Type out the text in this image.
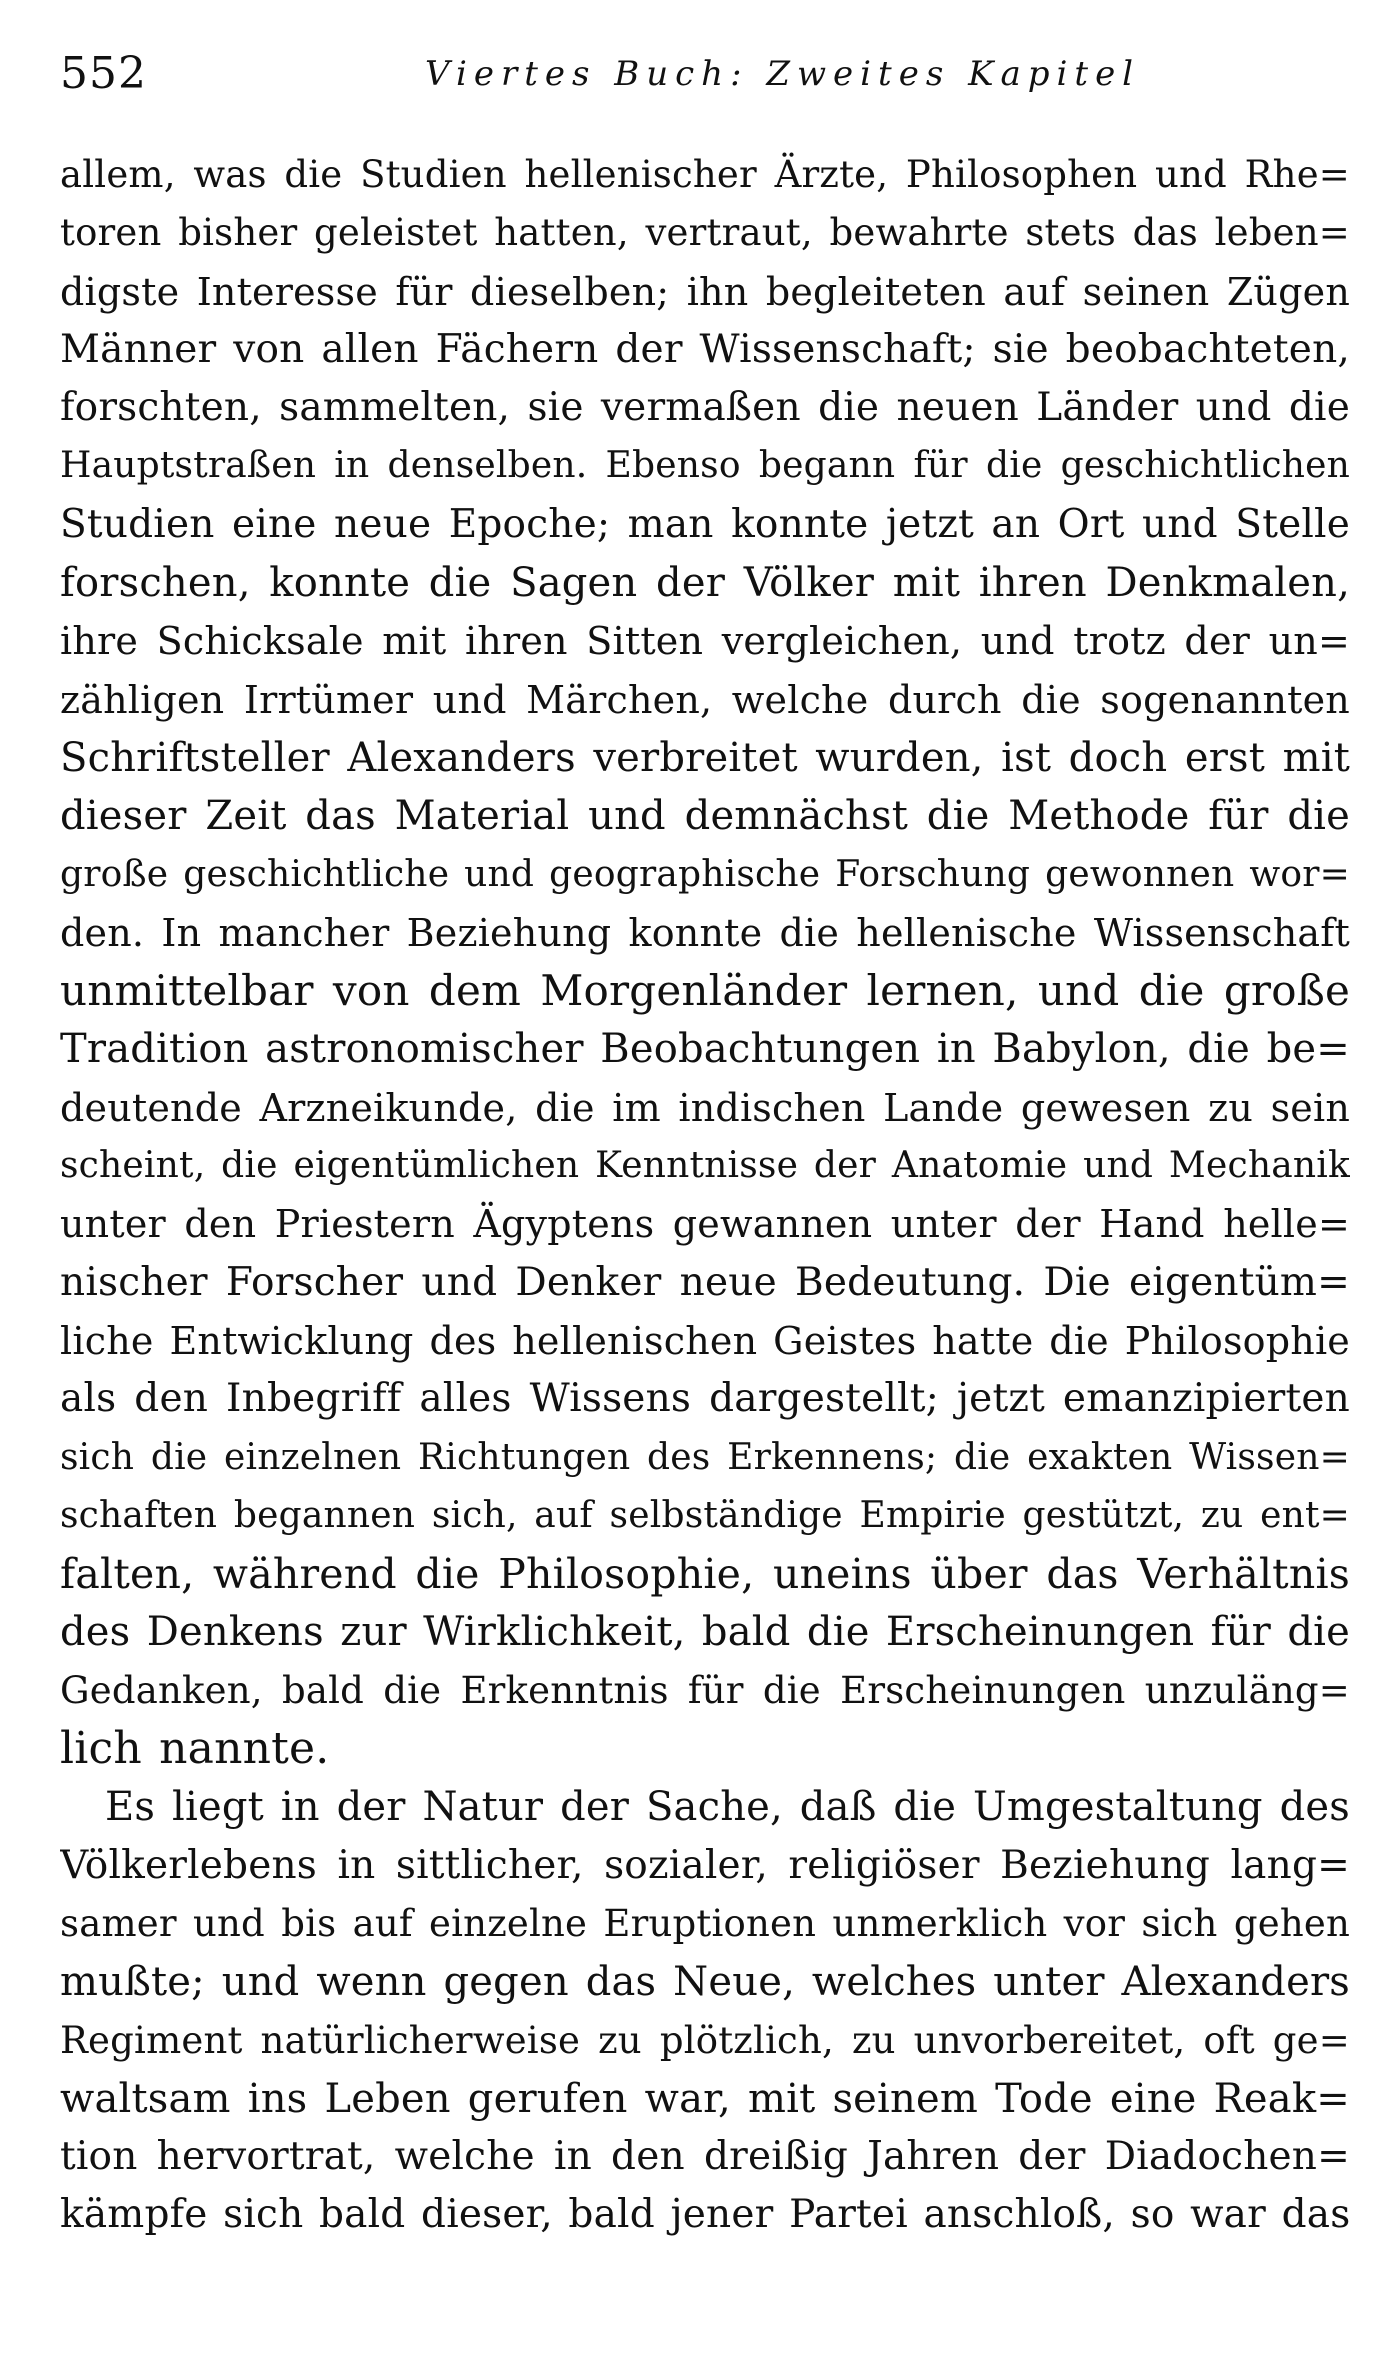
552	Viertes Buch: Zweites Kapitel
allem, was die Studien hellenischer Ärzte, Philosophen und Rhe=
toren bisher geleistet hatten, vertraut, bewahrte stets das leben=
digste Interesse für dieselben; ihn begleiteten auf seinen Zügen
Männer von allen Fächern der Wissenschaft; sie beobachteten,
forschten, sammelten, sie vermaßen die neuen Länder und die
Hauptstraßen in denselben. Ebenso begann für die geschichtlichen
Studien eine neue Epoche; man konnte jetzt an Ort und Stelle
forschen, konnte die Sagen der Völker mit ihren Denkmalen,
ihre Schicksale mit ihren Sitten vergleichen, und trotz der un=
zähligen Irrtümer und Märchen, welche durch die sogenannten
Schriftsteller Alexanders verbreitet wurden, ist doch erst mit
dieser Zeit das Material und demnächst die Methode für die
große geschichtliche und geographische Forschung gewonnen wor=
den. In mancher Beziehung konnte die hellenische Wissenschaft
unmittelbar von dem Morgenländer lernen, und die große
Tradition astronomischer Beobachtungen in Babylon, die be=
deutende Arzneikunde, die im indischen Lande gewesen zu sein
scheint, die eigentümlichen Kenntnisse der Anatomie und Mechanik
unter den Priestern Ägyptens gewannen unter der Hand helle=
nischer Forscher und Denker neue Bedeutung. Die eigentüm=
liche Entwicklung des hellenischen Geistes hatte die Philosophie
als den Inbegriff alles Wissens dargestellt; jetzt emanzipierten
sich die einzelnen Richtungen des Erkennens; die exakten Wissen=
schaften begannen sich, auf selbständige Empirie gestützt, zu ent=
falten, während die Philosophie, uneins über das Verhältnis
des Denkens zur Wirklichkeit, bald die Erscheinungen für die
Gedanken, bald die Erkenntnis für die Erscheinungen unzuläng=
lich nannte.
Es liegt in der Natur der Sache, daß die Umgestaltung des
Völkerlebens in sittlicher, sozialer, religiöser Beziehung lang=
samer und bis auf einzelne Eruptionen unmerklich vor sich gehen
mußte; und wenn gegen das Neue, welches unter Alexanders
Regiment natürlicherweise zu plötzlich, zu unvorbereitet, oft ge=
waltsam ins Leben gerufen war, mit seinem Tode eine Reak=
tion hervortrat, welche in den dreißig Jahren der Diadochen=
kämpfe sich bald dieser, bald jener Partei anschloß, so war das
